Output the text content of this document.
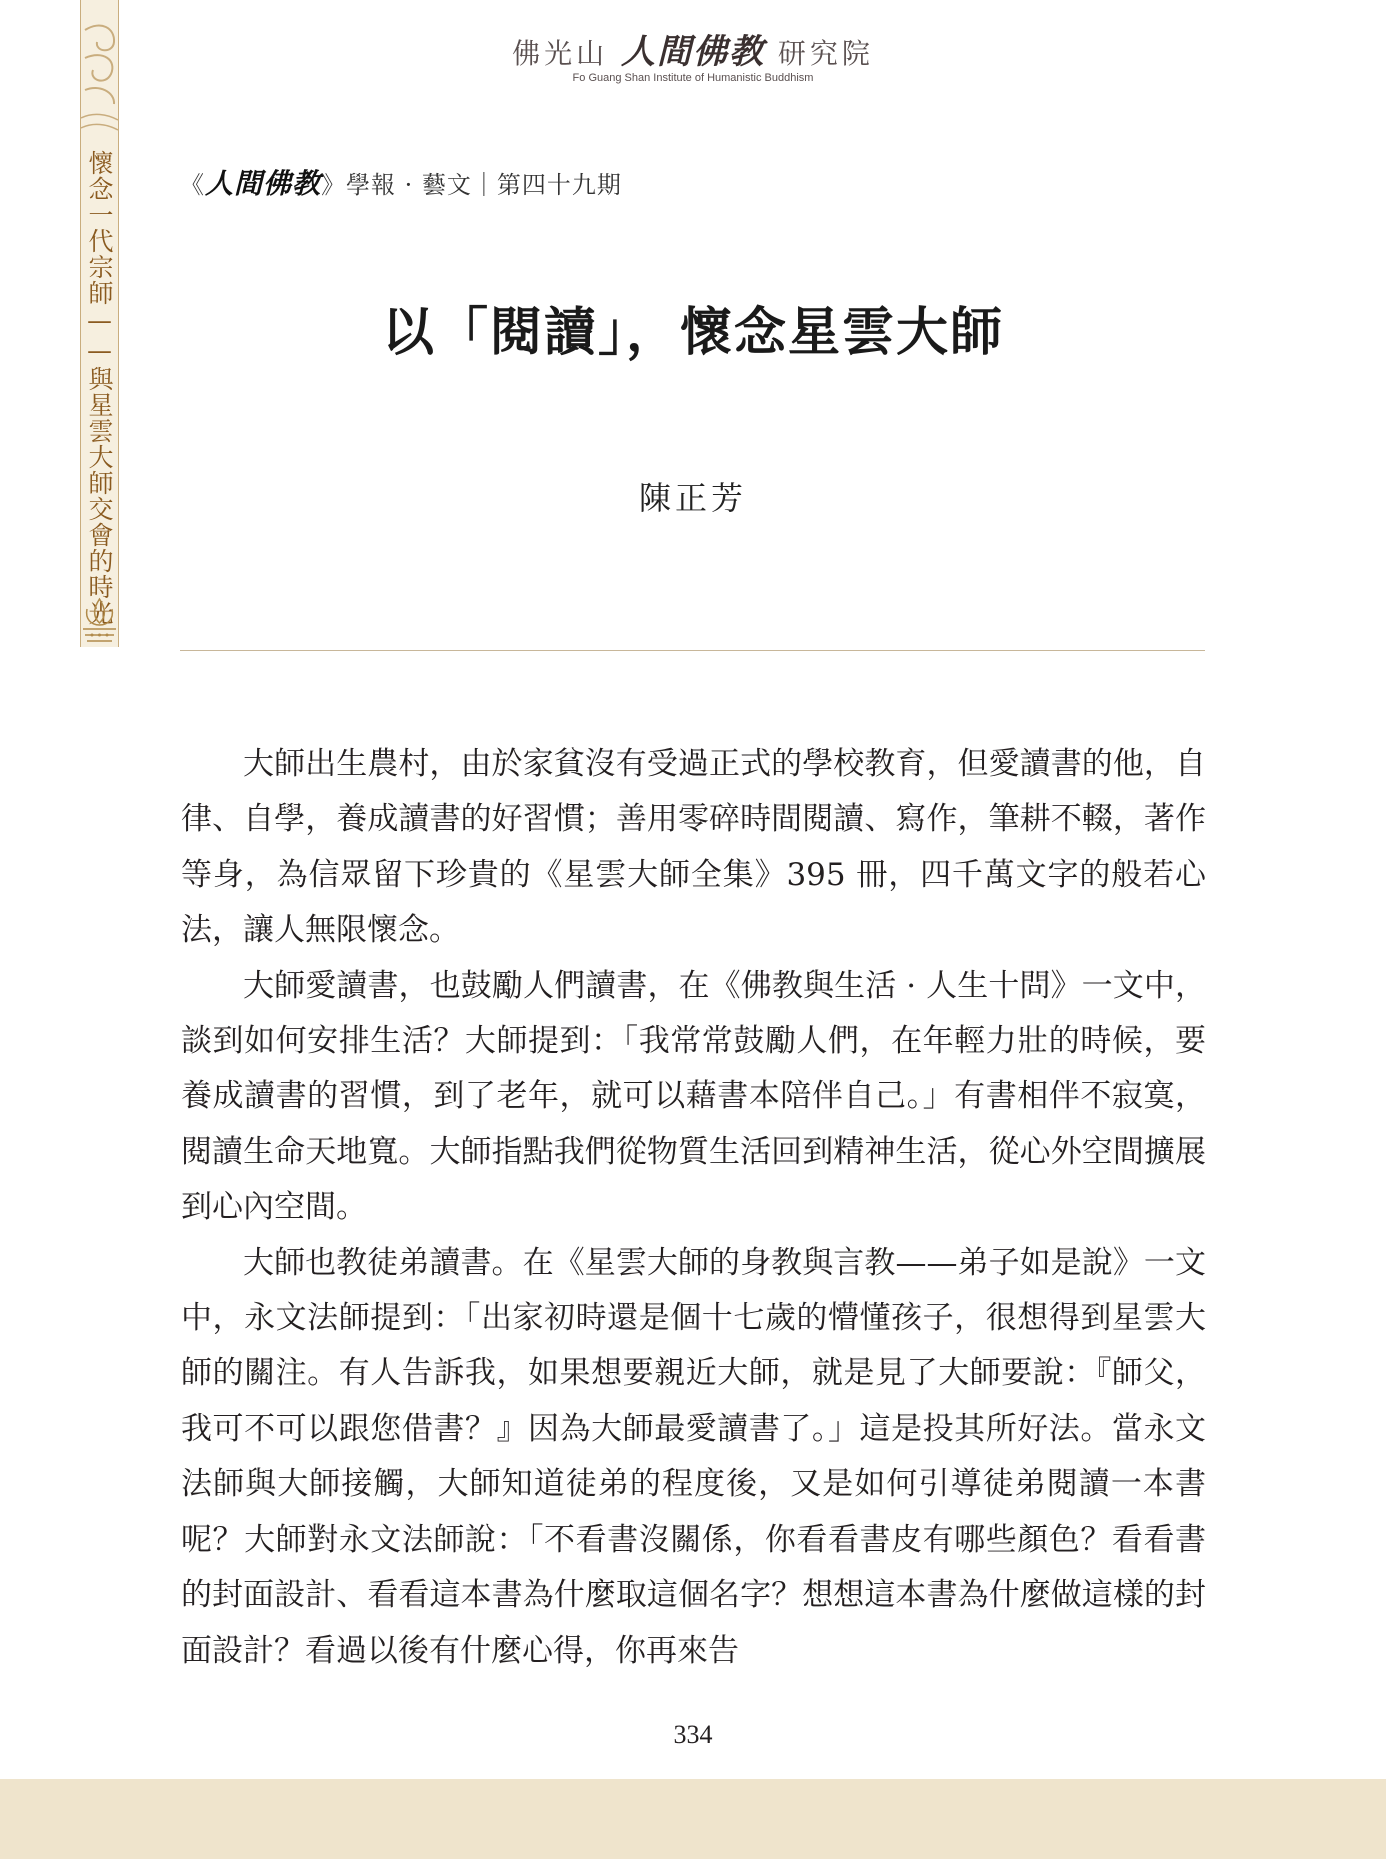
懷念一代宗師——與星雲大師交會的時光
佛光山 人間佛教 研究院
Fo Guang Shan Institute of Humanistic Buddhism
《人間佛教》學報 · 藝文｜第四十九期
以「閱讀」，懷念星雲大師
陳正芳

大師出生農村，由於家貧沒有受過正式的學校教育，但愛讀書的他，自律、自學，養成讀書的好習慣；善用零碎時間閱讀、寫作，筆耕不輟，著作等身，為信眾留下珍貴的《星雲大師全集》395 冊，四千萬文字的般若心法，讓人無限懷念。

大師愛讀書，也鼓勵人們讀書，在《佛教與生活 · 人生十問》一文中，談到如何安排生活？大師提到：「我常常鼓勵人們，在年輕力壯的時候，要養成讀書的習慣，到了老年，就可以藉書本陪伴自己。」有書相伴不寂寞，閱讀生命天地寬。大師指點我們從物質生活回到精神生活，從心外空間擴展到心內空間。

大師也教徒弟讀書。在《星雲大師的身教與言教——弟子如是說》一文中，永文法師提到：「出家初時還是個十七歲的懵懂孩子，很想得到星雲大師的關注。有人告訴我，如果想要親近大師，就是見了大師要說：『師父，我可不可以跟您借書？』因為大師最愛讀書了。」這是投其所好法。當永文法師與大師接觸，大師知道徒弟的程度後，又是如何引導徒弟閱讀一本書呢？大師對永文法師說：「不看書沒關係，你看看書皮有哪些顏色？看看書的封面設計、看看這本書為什麼取這個名字？想想這本書為什麼做這樣的封面設計？看過以後有什麼心得，你再來告

334
